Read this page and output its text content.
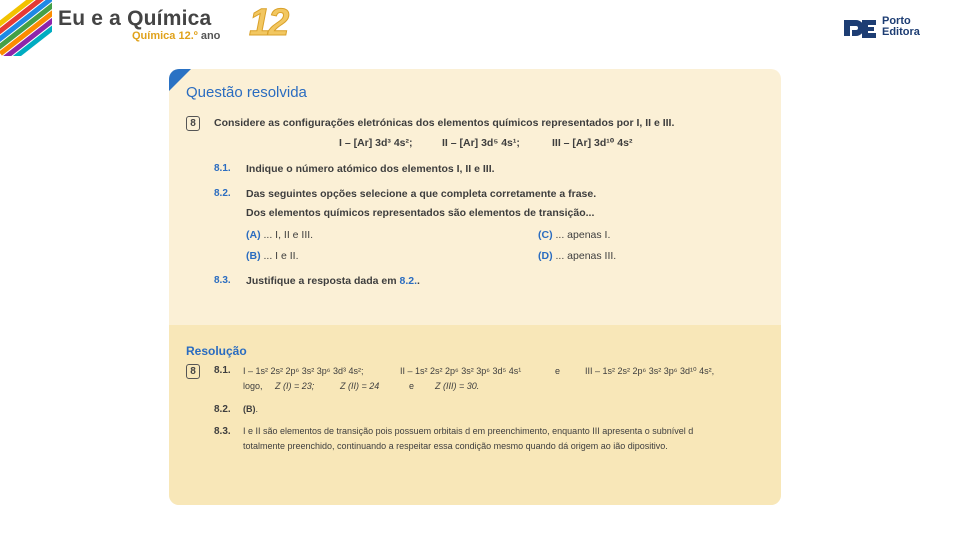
Eu e a Química
Química 12.º ano 12	Porto
Editora
Questão resolvida
8	Considere as configurações eletrónicas dos elementos químicos representados por I, II e III.
I – [Ar] 3d³ 4s²;	II – [Ar] 3d⁵ 4s¹;	III – [Ar] 3d¹⁰ 4s²
8.1. Indique o número atómico dos elementos I, II e III.
8.2. Das seguintes opções selecione a que completa corretamente a frase.
Dos elementos químicos representados são elementos de transição...
(A) ... I, II e III.
(B) ... I e II.
(C) ... apenas I.
(D) ... apenas III.
8.3. Justifique a resposta dada em 8.2..
Resolução
8	8.1. I – 1s² 2s² 2p⁶ 3s² 3p⁶ 3d³ 4s²;	II – 1s² 2s² 2p⁶ 3s² 3p⁶ 3d⁵ 4s¹	e	III – 1s² 2s² 2p⁶ 3s² 3p⁶ 3d¹⁰ 4s²,
logo, Z (I) = 23;	Z (II) = 24	e Z (III) = 30.
8.2. (B).
8.3. I e II são elementos de transição pois possuem orbitais d em preenchimento, enquanto III apresenta o subnível d
totalmente preenchido, continuando a respeitar essa condição mesmo quando dá origem ao ião dipositivo.
